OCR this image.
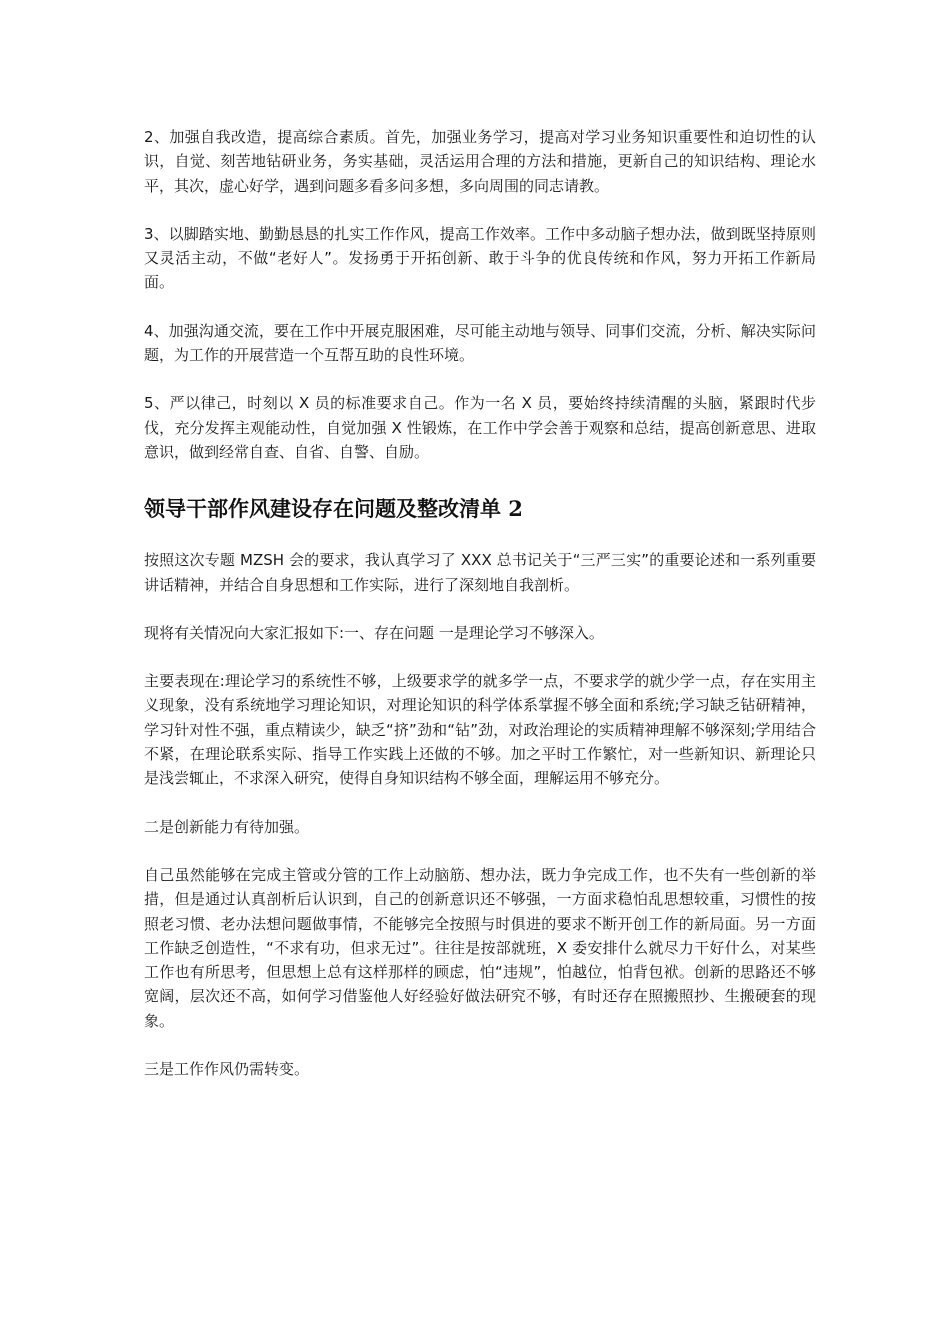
2、加强自我改造，提高综合素质。首先，加强业务学习，提高对学习业务知识重要性和迫切性的认识，自觉、刻苦地钻研业务，务实基础，灵活运用合理的方法和措施，更新自己的知识结构、理论水平，其次，虚心好学，遇到问题多看多问多想，多向周围的同志请教。

3、以脚踏实地、勤勤恳恳的扎实工作作风，提高工作效率。工作中多动脑子想办法，做到既坚持原则又灵活主动，不做“老好人”。发扬勇于开拓创新、敢于斗争的优良传统和作风，努力开拓工作新局面。

4、加强沟通交流，要在工作中开展克服困难，尽可能主动地与领导、同事们交流，分析、解决实际问题，为工作的开展营造一个互帮互助的良性环境。

5、严以律己，时刻以 X 员的标准要求自己。作为一名 X 员，要始终持续清醒的头脑，紧跟时代步伐，充分发挥主观能动性，自觉加强 X 性锻炼，在工作中学会善于观察和总结，提高创新意思、进取意识，做到经常自查、自省、自警、自励。

领导干部作风建设存在问题及整改清单 2

按照这次专题 MZSH 会的要求，我认真学习了 XXX 总书记关于“三严三实”的重要论述和一系列重要讲话精神，并结合自身思想和工作实际，进行了深刻地自我剖析。

现将有关情况向大家汇报如下:一、存在问题 一是理论学习不够深入。

主要表现在:理论学习的系统性不够，上级要求学的就多学一点，不要求学的就少学一点，存在实用主义现象，没有系统地学习理论知识，对理论知识的科学体系掌握不够全面和系统;学习缺乏钻研精神，学习针对性不强，重点精读少，缺乏“挤”劲和“钻”劲，对政治理论的实质精神理解不够深刻;学用结合不紧，在理论联系实际、指导工作实践上还做的不够。加之平时工作繁忙，对一些新知识、新理论只是浅尝辄止，不求深入研究，使得自身知识结构不够全面，理解运用不够充分。

二是创新能力有待加强。

自己虽然能够在完成主管或分管的工作上动脑筋、想办法，既力争完成工作，也不失有一些创新的举措，但是通过认真剖析后认识到，自己的创新意识还不够强，一方面求稳怕乱思想较重，习惯性的按照老习惯、老办法想问题做事情，不能够完全按照与时俱进的要求不断开创工作的新局面。另一方面工作缺乏创造性，“不求有功，但求无过”。往往是按部就班，X 委安排什么就尽力干好什么，对某些工作也有所思考，但思想上总有这样那样的顾虑，怕“违规”，怕越位，怕背包袱。创新的思路还不够宽阔，层次还不高，如何学习借鉴他人好经验好做法研究不够，有时还存在照搬照抄、生搬硬套的现象。

三是工作作风仍需转变。
